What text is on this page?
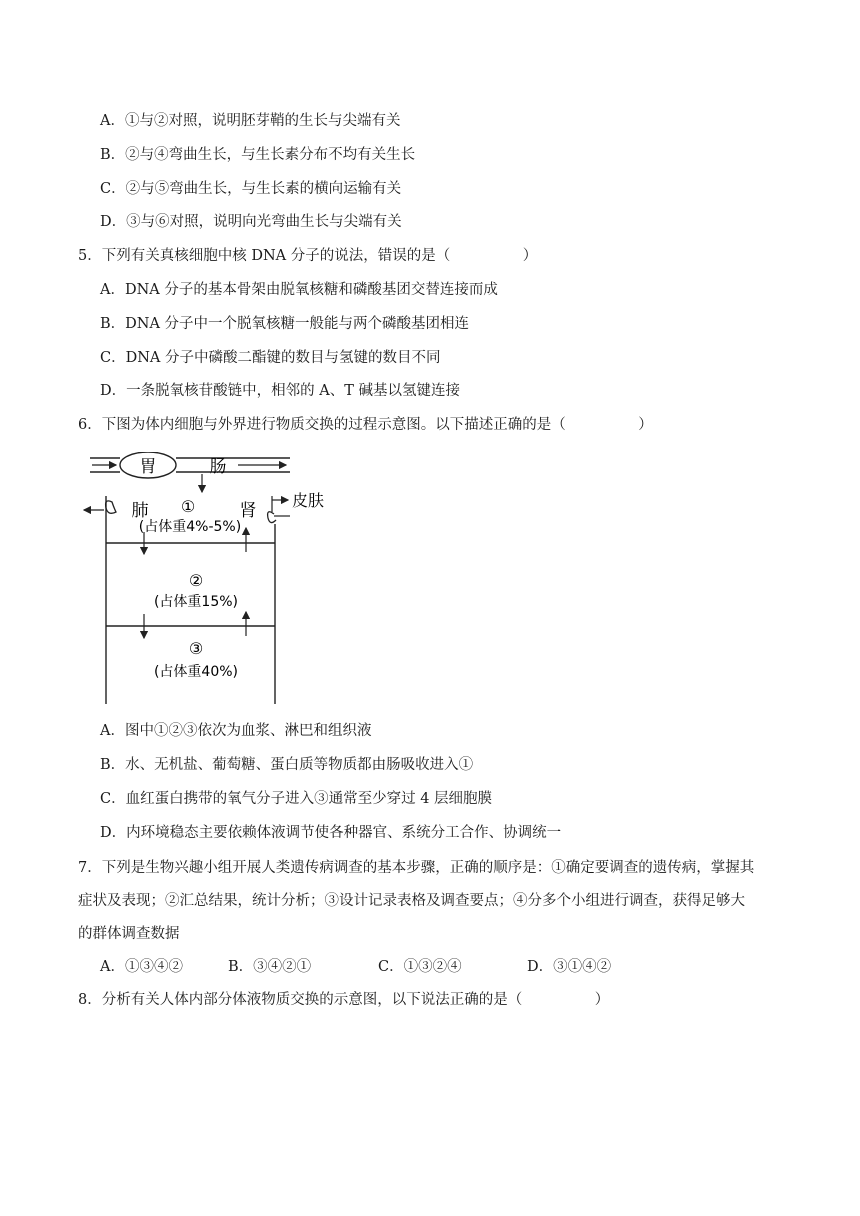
A．①与②对照，说明胚芽鞘的生长与尖端有关
B．②与④弯曲生长，与生长素分布不均有关生长
C．②与⑤弯曲生长，与生长素的横向运输有关
D．③与⑥对照，说明向光弯曲生长与尖端有关
5．下列有关真核细胞中核 DNA 分子的说法，错误的是（　　　　　）
A．DNA 分子的基本骨架由脱氧核糖和磷酸基团交替连接而成
B．DNA 分子中一个脱氧核糖一般能与两个磷酸基团相连
C．DNA 分子中磷酸二酯键的数目与氢键的数目不同
D．一条脱氧核苷酸链中，相邻的 A、T 碱基以氢键连接
6．下图为体内细胞与外界进行物质交换的过程示意图。以下描述正确的是（　　　　　）
胃	肠
肺	肾
皮肤
①
(占体重4%-5%)
②
(占体重15%)
③
(占体重40%)
A．图中①②③依次为血浆、淋巴和组织液
B．水、无机盐、葡萄糖、蛋白质等物质都由肠吸收进入①
C．血红蛋白携带的氧气分子进入③通常至少穿过 4 层细胞膜
D．内环境稳态主要依赖体液调节使各种器官、系统分工合作、协调统一
7．下列是生物兴趣小组开展人类遗传病调查的基本步骤，正确的顺序是：①确定要调查的遗传病，掌握其
症状及表现；②汇总结果，统计分析；③设计记录表格及调查要点；④分多个小组进行调查，获得足够大
的群体调查数据
A．①③④②	B．③④②①	C．①③②④	D．③①④②
8．分析有关人体内部分体液物质交换的示意图，以下说法正确的是（　　　　　）
